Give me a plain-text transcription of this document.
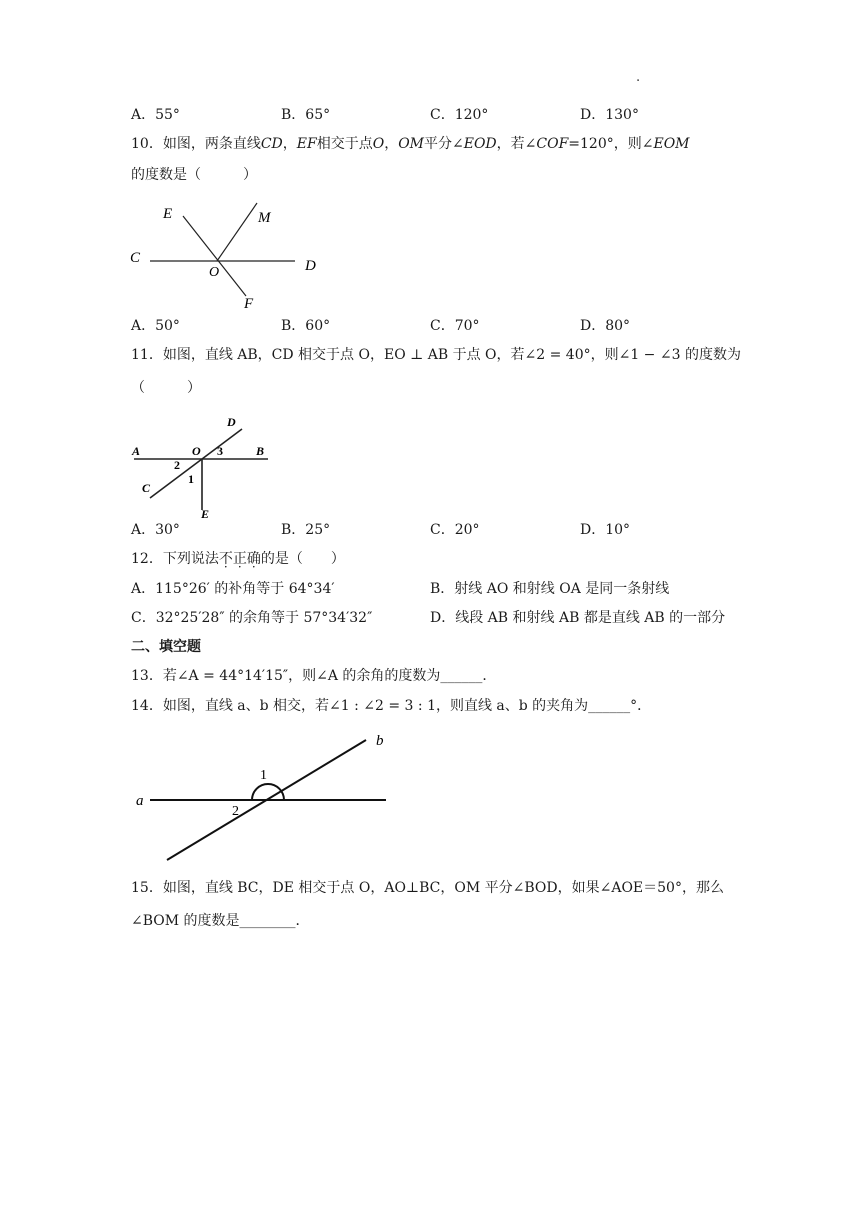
.
A．55°	B．65°	C．120°	D．130°
10．如图，两条直线CD，EF相交于点O，OM平分∠EOD，若∠COF=120°，则∠EOM
的度数是（　　　）
E	M
C
O	D
F
A．50°	B．60°	C．70°	D．80°
11．如图，直线 AB，CD 相交于点 O，EO ⊥ AB 于点 O，若∠2 = 40°，则∠1 − ∠3 的度数为
（　　　）
A	O	B
D
C
E
1
2
3
A．30°	B．25°	C．20°	D．10°
12．下列说法不正确的是（　　）
A．115°26′ 的补角等于 64°34′	B．射线 AO 和射线 OA 是同一条射线
C．32°25′28″ 的余角等于 57°34′32″	D．线段 AB 和射线 AB 都是直线 AB 的一部分
二、填空题
13．若∠A = 44°14′15″，则∠A 的余角的度数为______．
14．如图，直线 a、b 相交，若∠1 : ∠2 = 3 : 1，则直线 a、b 的夹角为______°．
a
b
1
2
15．如图，直线 BC，DE 相交于点 O，AO⊥BC，OM 平分∠BOD，如果∠AOE＝50°，那么
∠BOM 的度数是________．
